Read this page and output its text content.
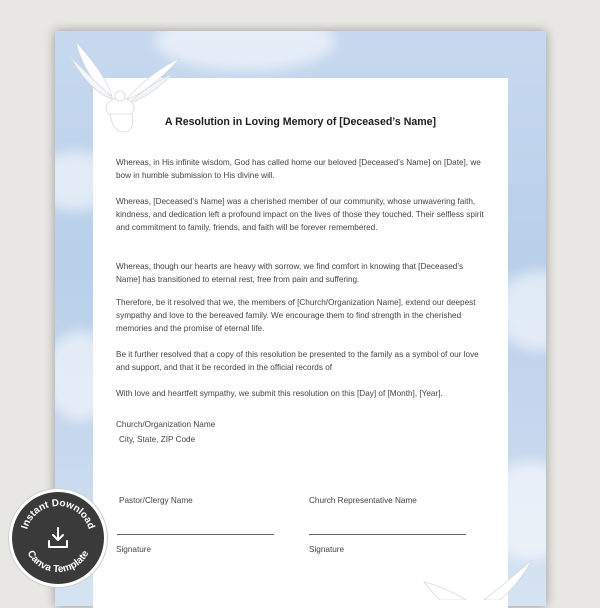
A Resolution in Loving Memory of [Deceased’s Name]

Whereas, in His infinite wisdom, God has called home our beloved [Deceased’s Name] on [Date], we bow in humble submission to His divine will.

Whereas, [Deceased’s Name] was a cherished member of our community, whose unwavering faith, kindness, and dedication left a profound impact on the lives of those they touched. Their selfless spirit and commitment to family, friends, and faith will be forever remembered.

Whereas, though our hearts are heavy with sorrow, we find comfort in knowing that [Deceased’s Name] has transitioned to eternal rest, free from pain and suffering.

Therefore, be it resolved that we, the members of [Church/Organization Name], extend our deepest sympathy and love to the bereaved family. We encourage them to find strength in the cherished memories and the promise of eternal life.

Be it further resolved that a copy of this resolution be presented to the family as a symbol of our love and support, and that it be recorded in the official records of

With love and heartfelt sympathy, we submit this resolution on this [Day] of [Month], [Year].

Church/Organization Name
City, State, ZIP Code
Pastor/Clergy Name	Church Representative Name
Signature	Signature
Instant Download
Canva Template
